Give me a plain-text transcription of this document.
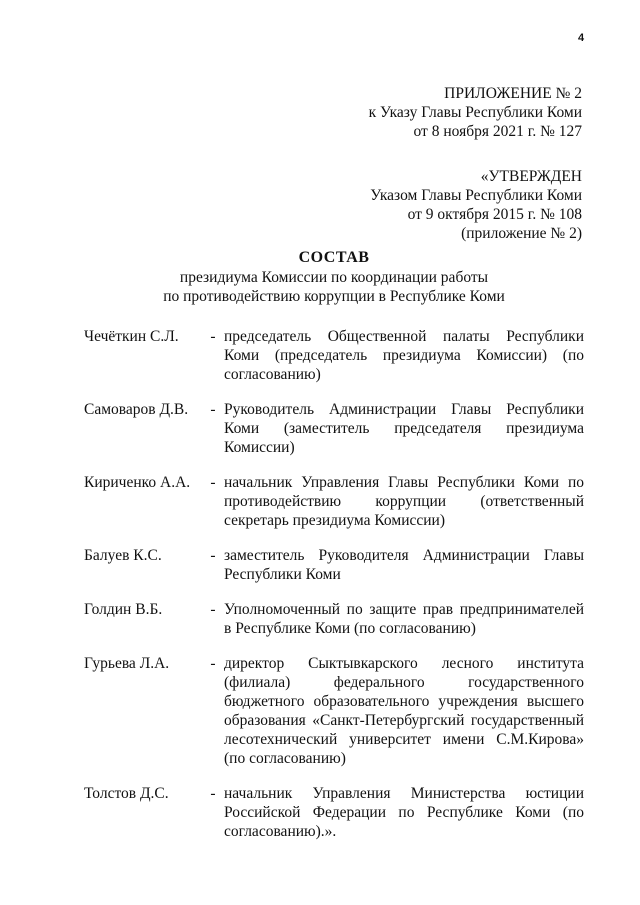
4
ПРИЛОЖЕНИЕ № 2
к Указу Главы Республики Коми
от 8 ноября 2021 г. № 127
«УТВЕРЖДЕН
Указом Главы Республики Коми
от 9 октября 2015 г. № 108
(приложение № 2)
СОСТАВ
президиума Комиссии по координации работы
по противодействию коррупции в Республике Коми
Чечёткин С.Л.	- председатель Общественной палаты Республики Коми (председатель президиума Комиссии) (по согласованию)
Самоваров Д.В.	- Руководитель Администрации Главы Республики Коми (заместитель председателя президиума Комиссии)
Кириченко А.А.	- начальник Управления Главы Республики Коми по противодействию коррупции (ответственный секретарь президиума Комиссии)
Балуев К.С.	- заместитель Руководителя Администрации Главы Республики Коми
Голдин В.Б.	- Уполномоченный по защите прав предпринимателей в Республике Коми (по согласованию)
Гурьева Л.А.	- директор Сыктывкарского лесного института (филиала) федерального государственного бюджетного образовательного учреждения высшего образования «Санкт-Петербургский государственный лесотехнический университет имени С.М.Кирова» (по согласованию)
Толстов Д.С.	- начальник Управления Министерства юстиции Российской Федерации по Республике Коми (по согласованию).».
